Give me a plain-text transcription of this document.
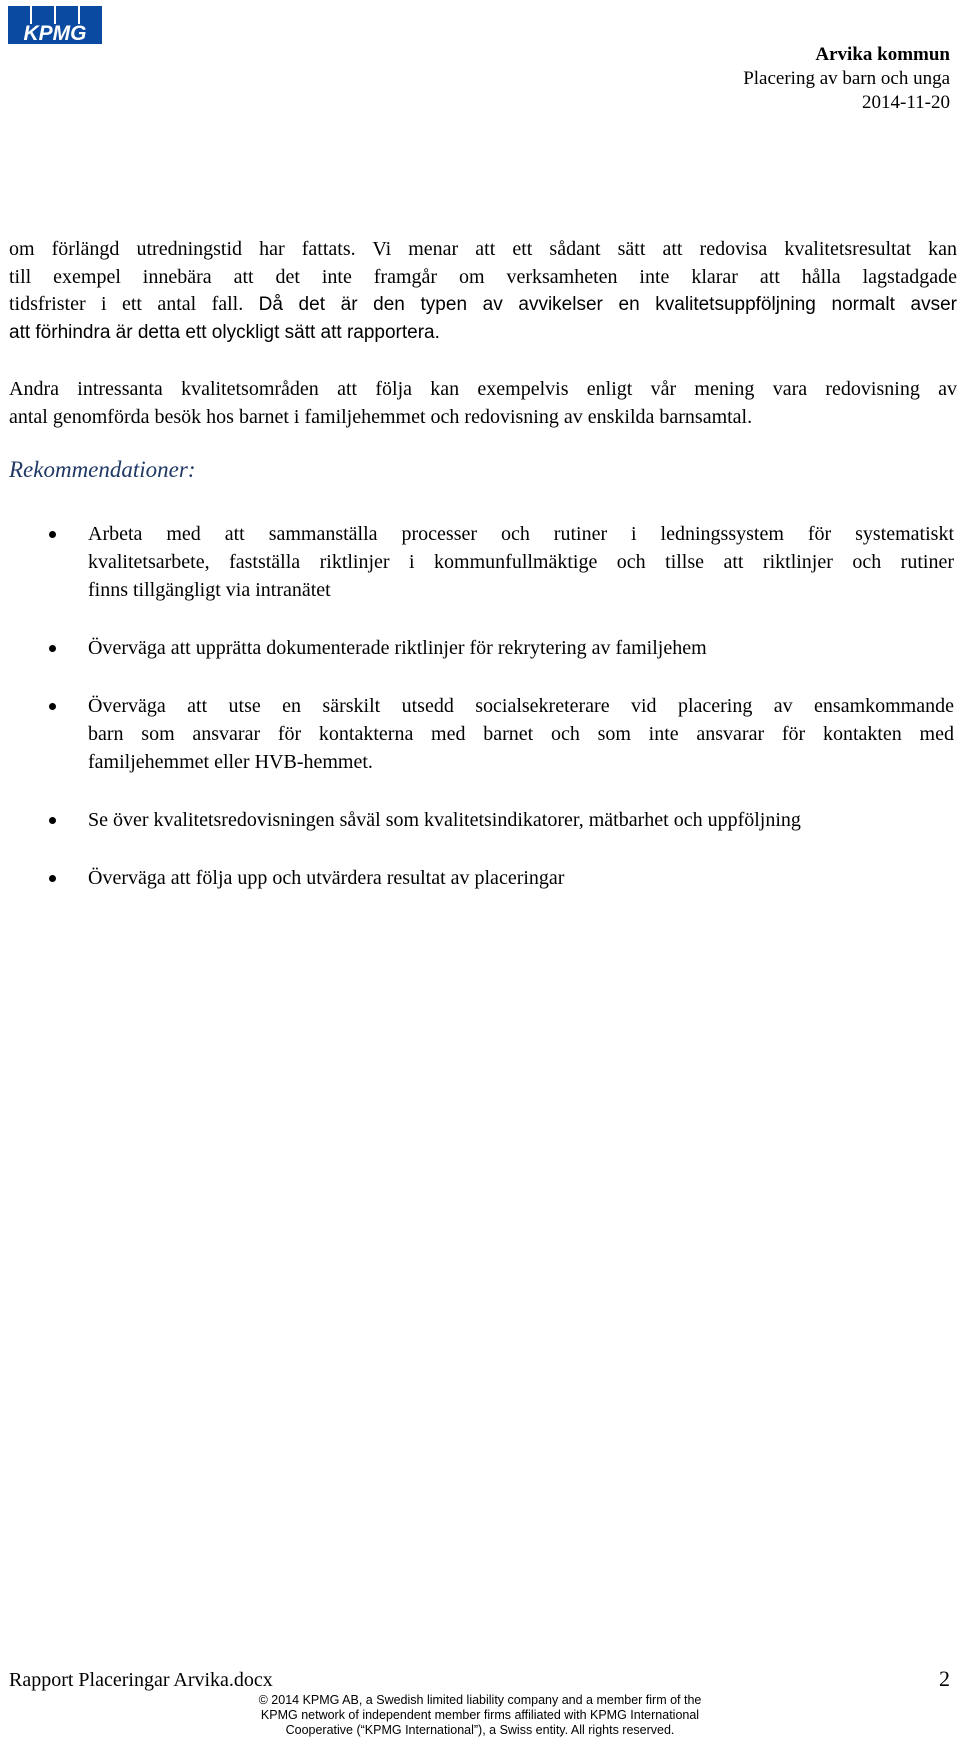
KPMG
Arvika kommun
Placering av barn och unga
2014-11-20
om förlängd utredningstid har fattats. Vi menar att ett sådant sätt att redovisa kvalitetsresultat kan
till exempel innebära att det inte framgår om verksamheten inte klarar att hålla lagstadgade
tidsfrister i ett antal fall. Då det är den typen av avvikelser en kvalitetsuppföljning normalt avser
att förhindra är detta ett olyckligt sätt att rapportera.
Andra intressanta kvalitetsområden att följa kan exempelvis enligt vår mening vara redovisning av
antal genomförda besök hos barnet i familjehemmet och redovisning av enskilda barnsamtal.
Rekommendationer:
Arbeta med att sammanställa processer och rutiner i ledningssystem för systematiskt
kvalitetsarbete, fastställa riktlinjer i kommunfullmäktige och tillse att riktlinjer och rutiner
finns tillgängligt via intranätet
Överväga att upprätta dokumenterade riktlinjer för rekrytering av familjehem
Överväga att utse en särskilt utsedd socialsekreterare vid placering av ensamkommande
barn som ansvarar för kontakterna med barnet och som inte ansvarar för kontakten med
familjehemmet eller HVB-hemmet.
Se över kvalitetsredovisningen såväl som kvalitetsindikatorer, mätbarhet och uppföljning
Överväga att följa upp och utvärdera resultat av placeringar
Rapport Placeringar Arvika.docx	2
© 2014 KPMG AB, a Swedish limited liability company and a member firm of the
KPMG network of independent member firms affiliated with KPMG International
Cooperative (“KPMG International”), a Swiss entity. All rights reserved.
